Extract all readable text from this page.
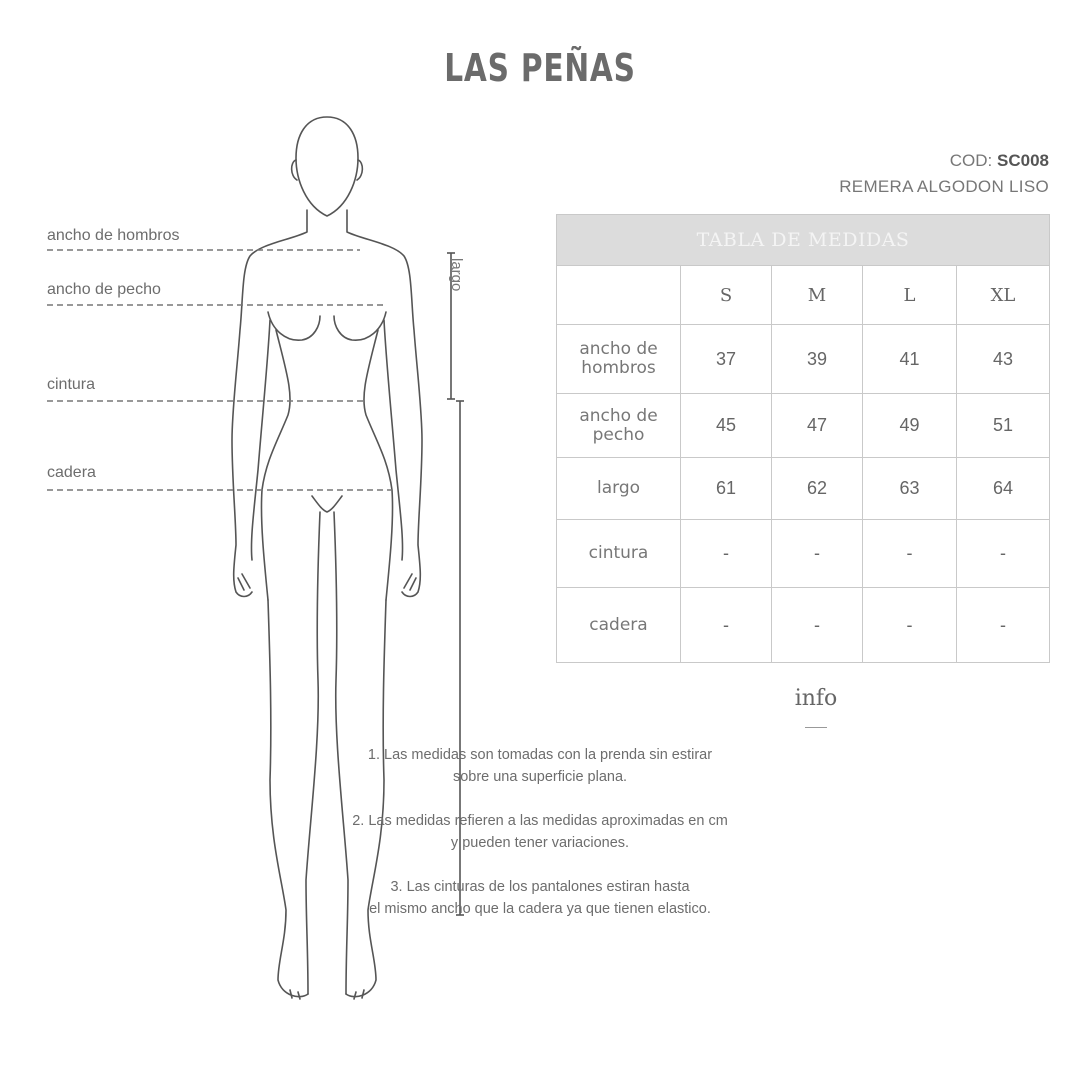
LAS PEÑAS
COD: SC008
REMERA ALGODON LISO
ancho de hombros
ancho de pecho
cintura
cadera
largo
TABLA DE MEDIDAS				
	S	M	L	XL
ancho de
hombros	37	39	41	43
ancho de
pecho	45	47	49	51
largo	61	62	63	64
cintura	-	-	-	-
cadera	-	-	-	-
info
1. Las medidas son tomadas con la prenda sin estirar
sobre una superficie plana.
2. Las medidas refieren a las medidas aproximadas en cm
y pueden tener variaciones.
3. Las cinturas de los pantalones estiran hasta
el mismo ancho que la cadera ya que tienen elastico.
